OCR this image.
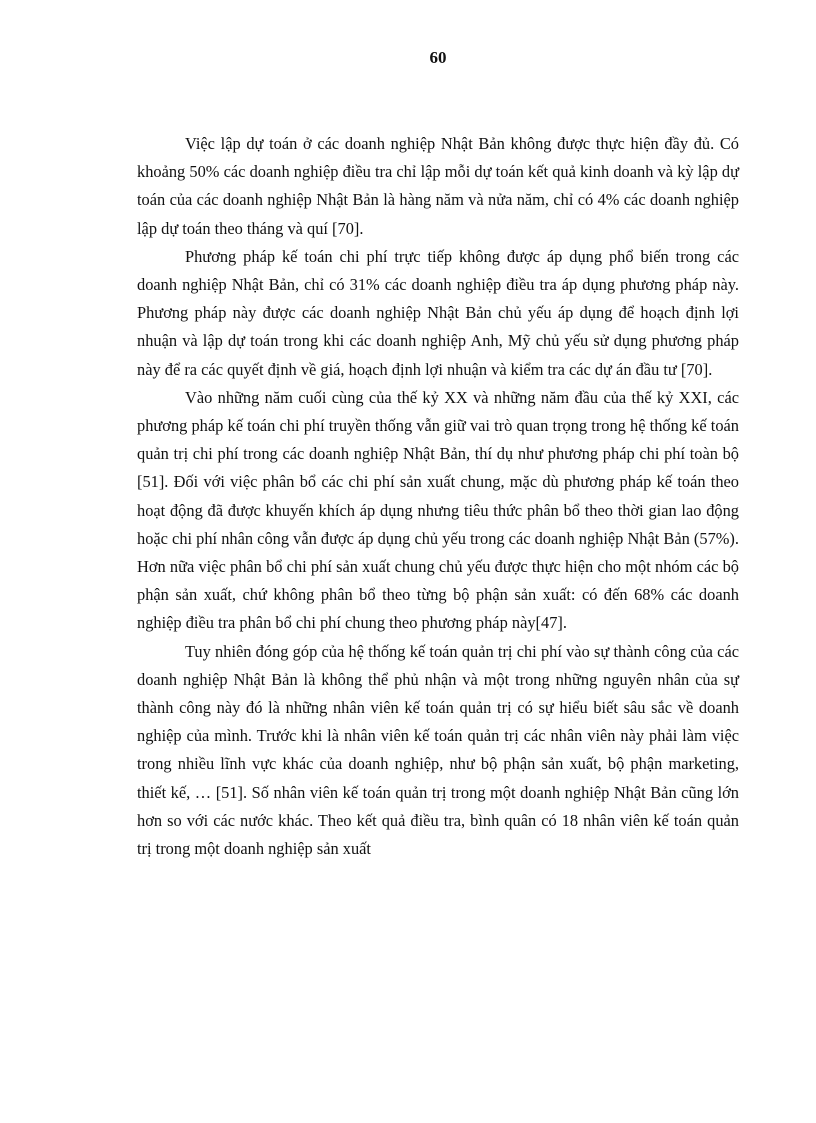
60

Việc lập dự toán ở các doanh nghiệp Nhật Bản không được thực hiện đầy đủ. Có khoảng 50% các doanh nghiệp điều tra chỉ lập mỗi dự toán kết quả kinh doanh và kỳ lập dự toán của các doanh nghiệp Nhật Bản là hàng năm và nửa năm, chỉ có 4% các doanh nghiệp lập dự toán theo tháng và quí [70].

Phương pháp kế toán chi phí trực tiếp không được áp dụng phổ biến trong các doanh nghiệp Nhật Bản, chỉ có 31% các doanh nghiệp điều tra áp dụng phương pháp này. Phương pháp này được các doanh nghiệp Nhật Bản chủ yếu áp dụng để hoạch định lợi nhuận và lập dự toán trong khi các doanh nghiệp Anh, Mỹ chủ yếu sử dụng phương pháp này để ra các quyết định về giá, hoạch định lợi nhuận và kiểm tra các dự án đầu tư [70].

Vào những năm cuối cùng của thế kỷ XX và những năm đầu của thế kỷ XXI, các phương pháp kế toán chi phí truyền thống vẫn giữ vai trò quan trọng trong hệ thống kế toán quản trị chi phí trong các doanh nghiệp Nhật Bản, thí dụ như phương pháp chi phí toàn bộ [51]. Đối với việc phân bổ các chi phí sản xuất chung, mặc dù phương pháp kế toán theo hoạt động đã được khuyến khích áp dụng nhưng tiêu thức phân bổ theo thời gian lao động hoặc chi phí nhân công vẫn được áp dụng chủ yếu trong các doanh nghiệp Nhật Bản (57%). Hơn nữa việc phân bổ chi phí sản xuất chung chủ yếu được thực hiện cho một nhóm các bộ phận sản xuất, chứ không phân bổ theo từng bộ phận sản xuất: có đến 68% các doanh nghiệp điều tra phân bổ chi phí chung theo phương pháp này[47].

Tuy nhiên đóng góp của hệ thống kế toán quản trị chi phí vào sự thành công của các doanh nghiệp Nhật Bản là không thể phủ nhận và một trong những nguyên nhân của sự thành công này đó là những nhân viên kế toán quản trị có sự hiểu biết sâu sắc về doanh nghiệp của mình. Trước khi là nhân viên kế toán quản trị các nhân viên này phải làm việc trong nhiều lĩnh vực khác của doanh nghiệp, như bộ phận sản xuất, bộ phận marketing, thiết kế, … [51]. Số nhân viên kế toán quản trị trong một doanh nghiệp Nhật Bản cũng lớn hơn so với các nước khác. Theo kết quả điều tra, bình quân có 18 nhân viên kế toán quản trị trong một doanh nghiệp sản xuất
